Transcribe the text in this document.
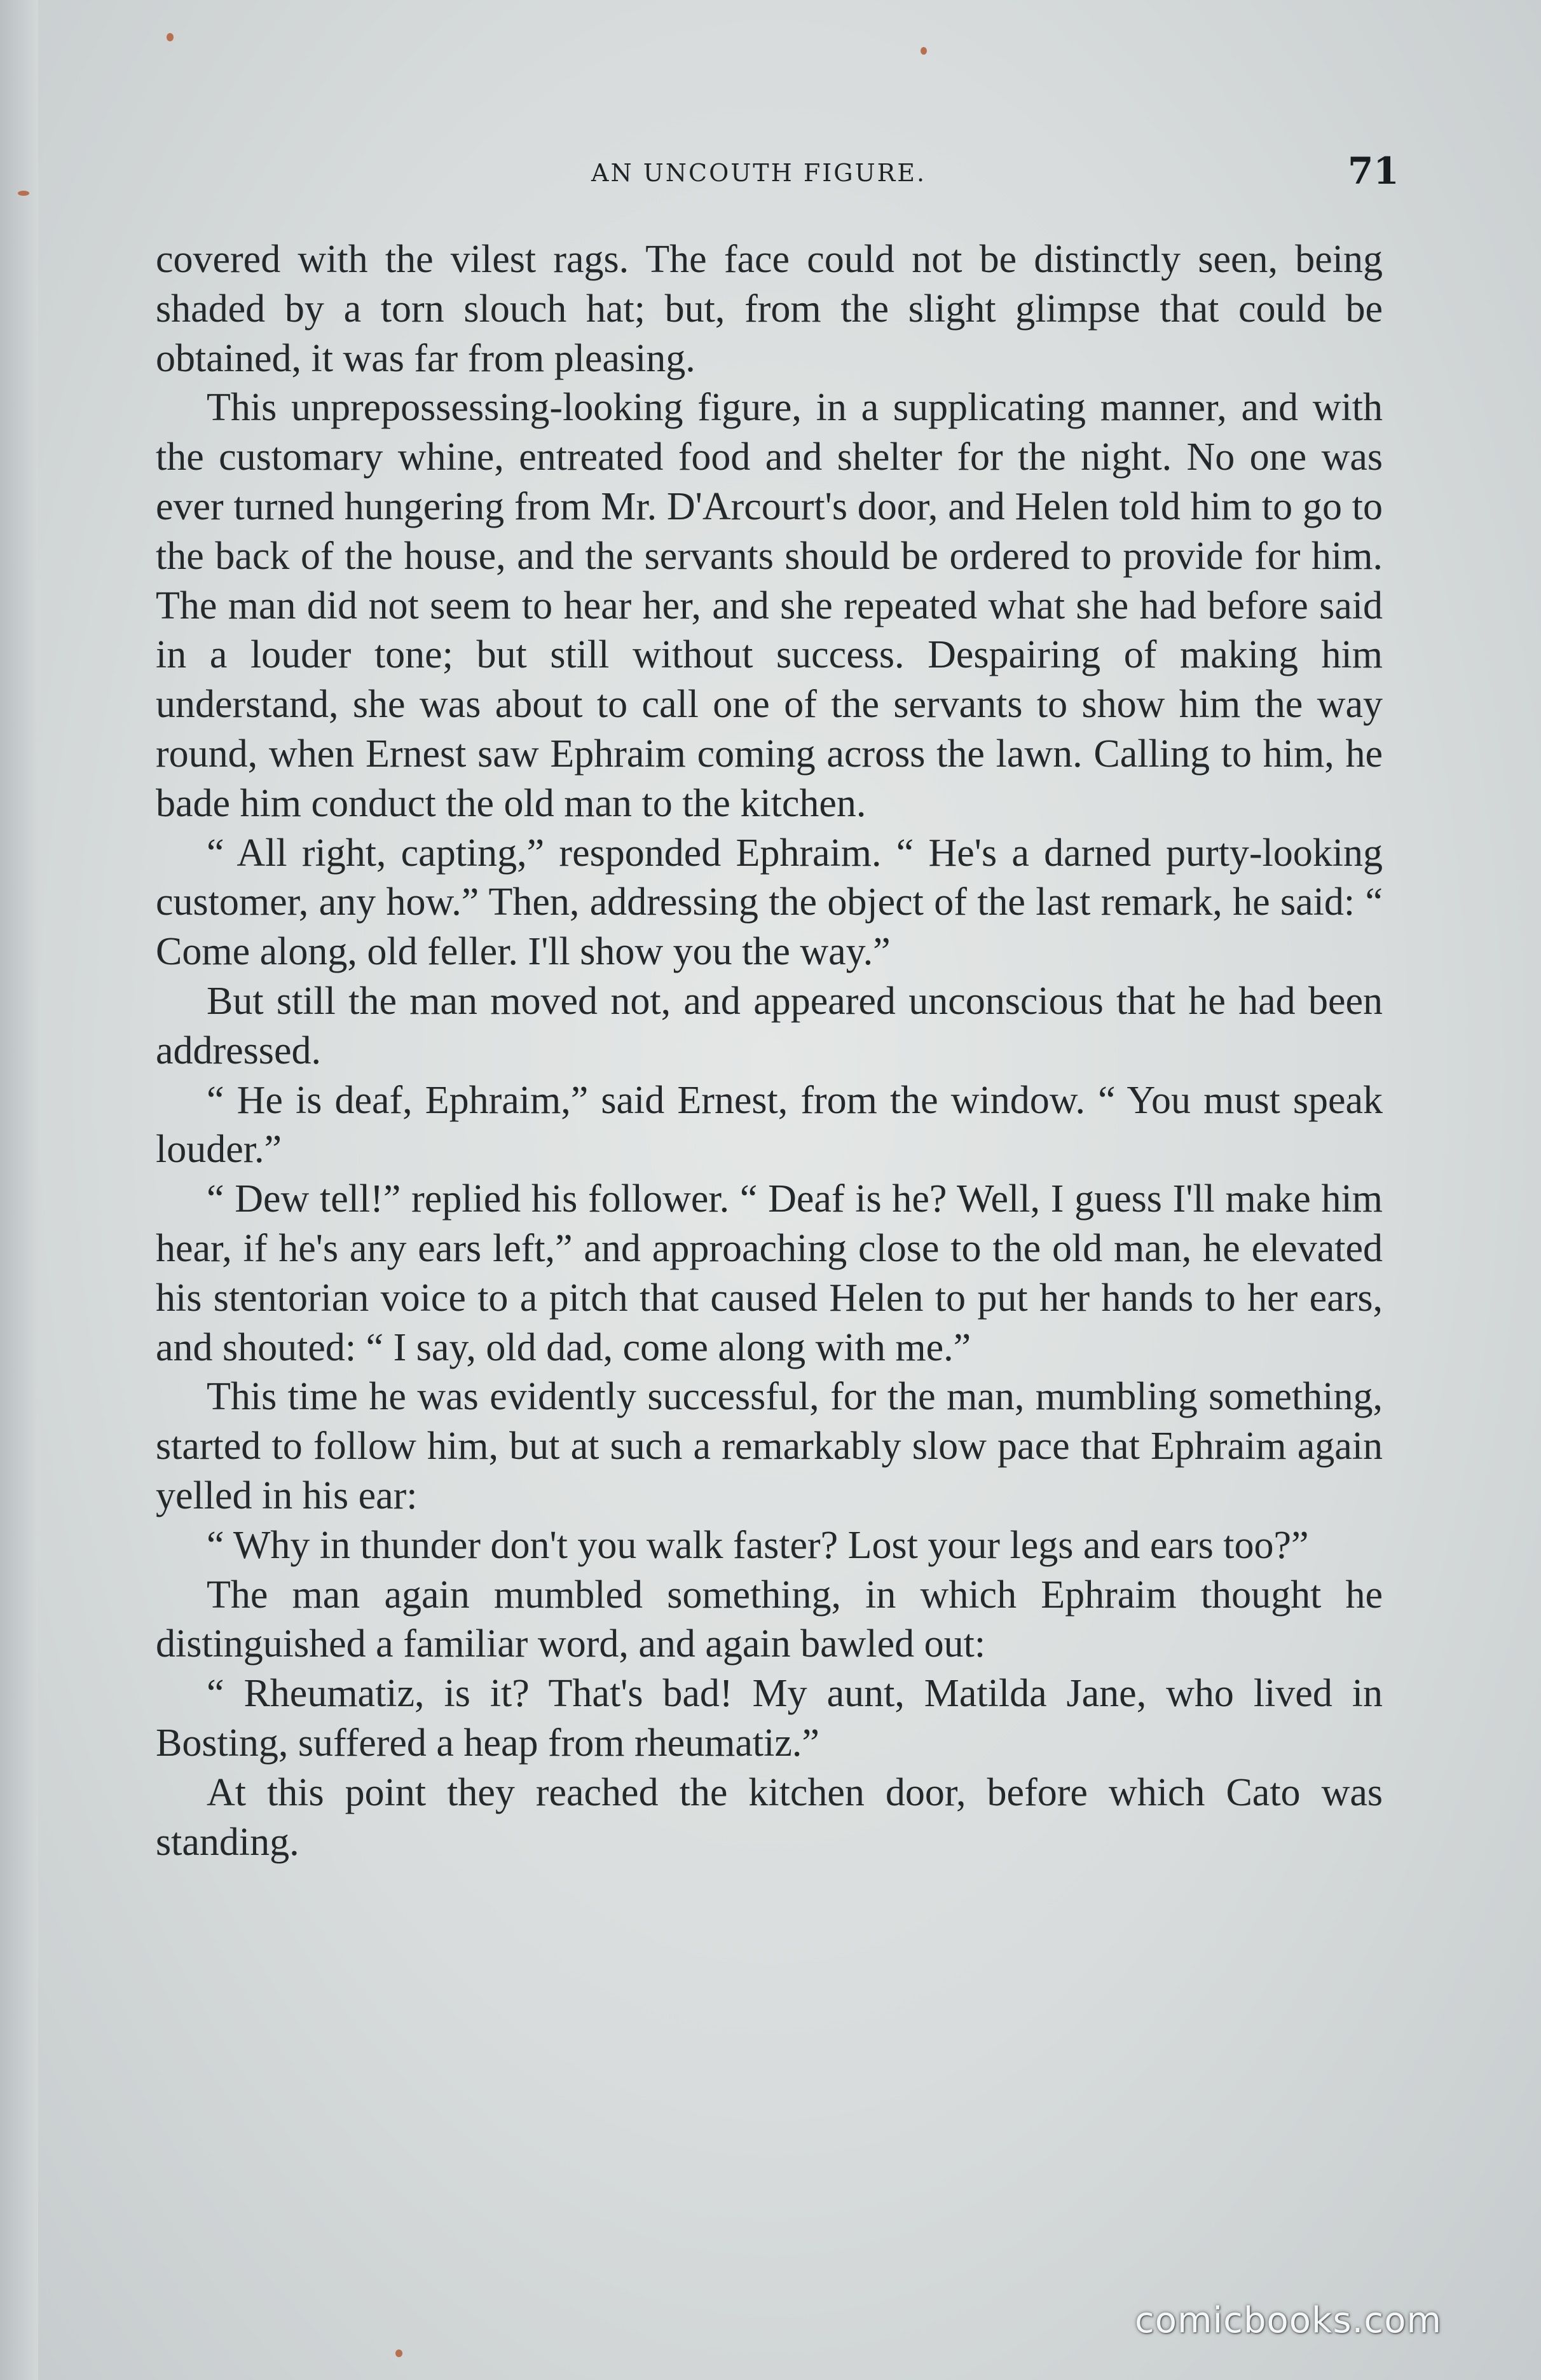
AN UNCOUTH FIGURE.	71

covered with the vilest rags. The face could not be distinctly seen, being shaded by a torn slouch hat; but, from the slight glimpse that could be obtained, it was far from pleasing.

This unprepossessing-looking figure, in a supplicating manner, and with the customary whine, entreated food and shelter for the night. No one was ever turned hungering from Mr. D'Arcourt's door, and Helen told him to go to the back of the house, and the servants should be ordered to provide for him. The man did not seem to hear her, and she repeated what she had before said in a louder tone; but still without success. Despairing of making him understand, she was about to call one of the servants to show him the way round, when Ernest saw Ephraim coming across the lawn. Calling to him, he bade him conduct the old man to the kitchen.

“ All right, capting,” responded Ephraim. “ He's a darned purty-looking customer, any how.” Then, addressing the object of the last remark, he said: “ Come along, old feller. I'll show you the way.”

But still the man moved not, and appeared unconscious that he had been addressed.

“ He is deaf, Ephraim,” said Ernest, from the window. “ You must speak louder.”

“ Dew tell!” replied his follower. “ Deaf is he? Well, I guess I'll make him hear, if he's any ears left,” and approaching close to the old man, he elevated his stentorian voice to a pitch that caused Helen to put her hands to her ears, and shouted: “ I say, old dad, come along with me.”

This time he was evidently successful, for the man, mumbling something, started to follow him, but at such a remarkably slow pace that Ephraim again yelled in his ear:

“ Why in thunder don't you walk faster? Lost your legs and ears too?”

The man again mumbled something, in which Ephraim thought he distinguished a familiar word, and again bawled out:

“ Rheumatiz, is it? That's bad! My aunt, Matilda Jane, who lived in Bosting, suffered a heap from rheumatiz.”

At this point they reached the kitchen door, before which Cato was standing.

comicbooks.com
